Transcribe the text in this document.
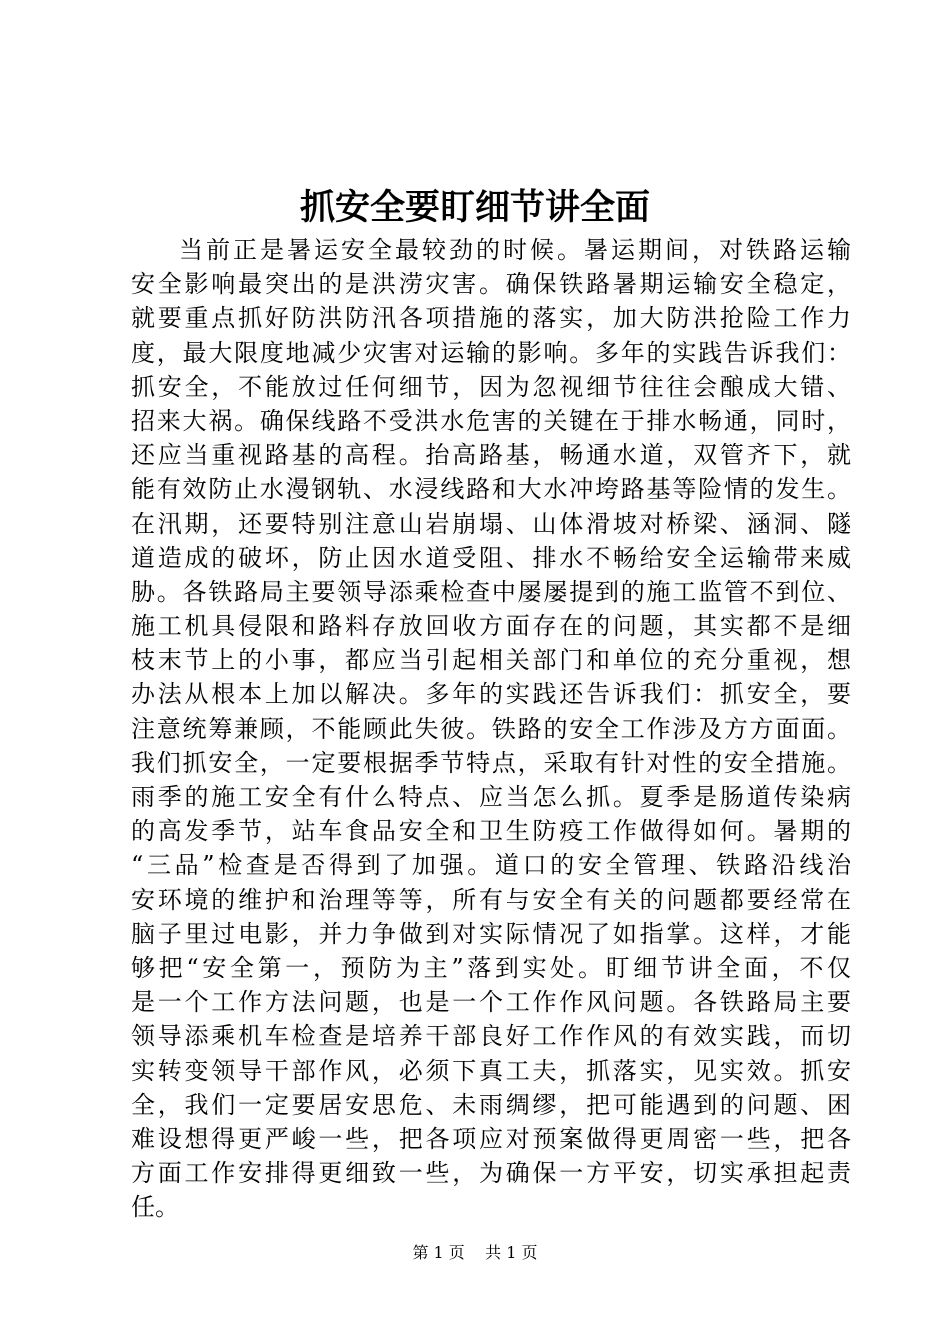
抓安全要盯细节讲全面
当前正是暑运安全最较劲的时候。暑运期间，对铁路运输
安全影响最突出的是洪涝灾害。确保铁路暑期运输安全稳定，
就要重点抓好防洪防汛各项措施的落实，加大防洪抢险工作力
度，最大限度地减少灾害对运输的影响。多年的实践告诉我们：
抓安全，不能放过任何细节，因为忽视细节往往会酿成大错、
招来大祸。确保线路不受洪水危害的关键在于排水畅通，同时，
还应当重视路基的高程。抬高路基，畅通水道，双管齐下，就
能有效防止水漫钢轨、水浸线路和大水冲垮路基等险情的发生。
在汛期，还要特别注意山岩崩塌、山体滑坡对桥梁、涵洞、隧
道造成的破坏，防止因水道受阻、排水不畅给安全运输带来威
胁。各铁路局主要领导添乘检查中屡屡提到的施工监管不到位、
施工机具侵限和路料存放回收方面存在的问题，其实都不是细
枝末节上的小事，都应当引起相关部门和单位的充分重视，想
办法从根本上加以解决。多年的实践还告诉我们：抓安全，要
注意统筹兼顾，不能顾此失彼。铁路的安全工作涉及方方面面。
我们抓安全，一定要根据季节特点，采取有针对性的安全措施。
雨季的施工安全有什么特点、应当怎么抓。夏季是肠道传染病
的高发季节，站车食品安全和卫生防疫工作做得如何。暑期的
“三品”检查是否得到了加强。道口的安全管理、铁路沿线治
安环境的维护和治理等等，所有与安全有关的问题都要经常在
脑子里过电影，并力争做到对实际情况了如指掌。这样，才能
够把“安全第一，预防为主”落到实处。盯细节讲全面，不仅
是一个工作方法问题，也是一个工作作风问题。各铁路局主要
领导添乘机车检查是培养干部良好工作作风的有效实践，而切
实转变领导干部作风，必须下真工夫，抓落实，见实效。抓安
全，我们一定要居安思危、未雨绸缪，把可能遇到的问题、困
难设想得更严峻一些，把各项应对预案做得更周密一些，把各
方面工作安排得更细致一些，为确保一方平安，切实承担起责
任。
第 1 页 共 1 页
